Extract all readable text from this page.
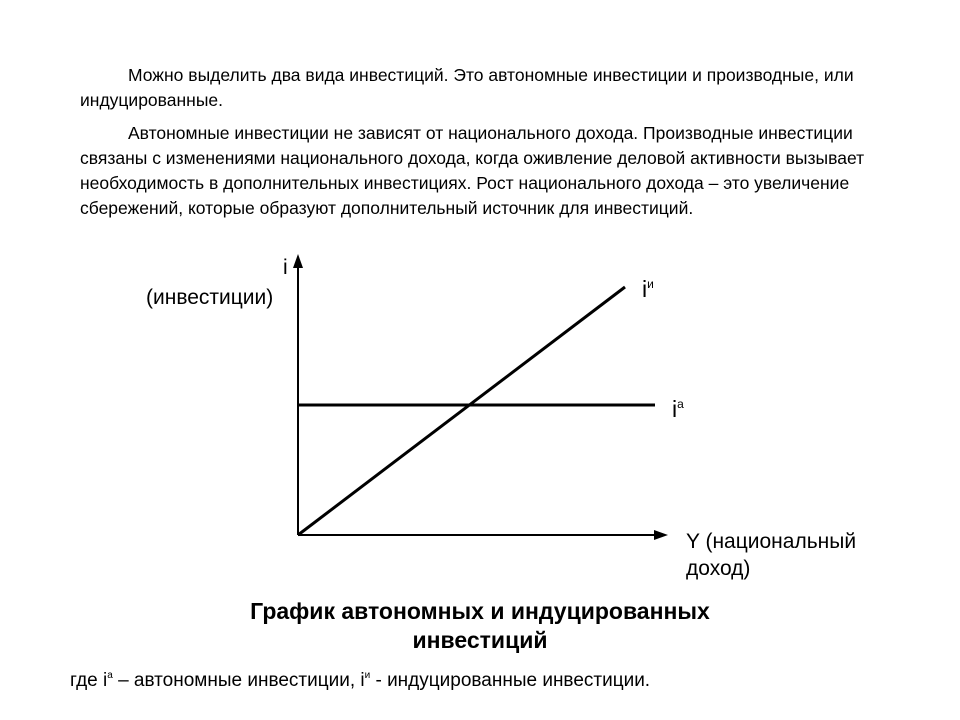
Можно выделить два вида инвестиций. Это автономные инвестиции и производные, или индуцированные.

Автономные инвестиции не зависят от национального дохода. Производные инвестиции связаны с изменениями национального дохода, когда оживление деловой активности вызывает необходимость в дополнительных инвестициях. Рост национального дохода – это увеличение сбережений, которые образуют дополнительный источник для инвестиций.

i
(инвестиции)
Y (национальный доход)
$i^и$
$i^а$
График автономных и индуцированных инвестиций
где $i^а$ – автономные инвестиции, $i^и$ - индуцированные инвестиции.
